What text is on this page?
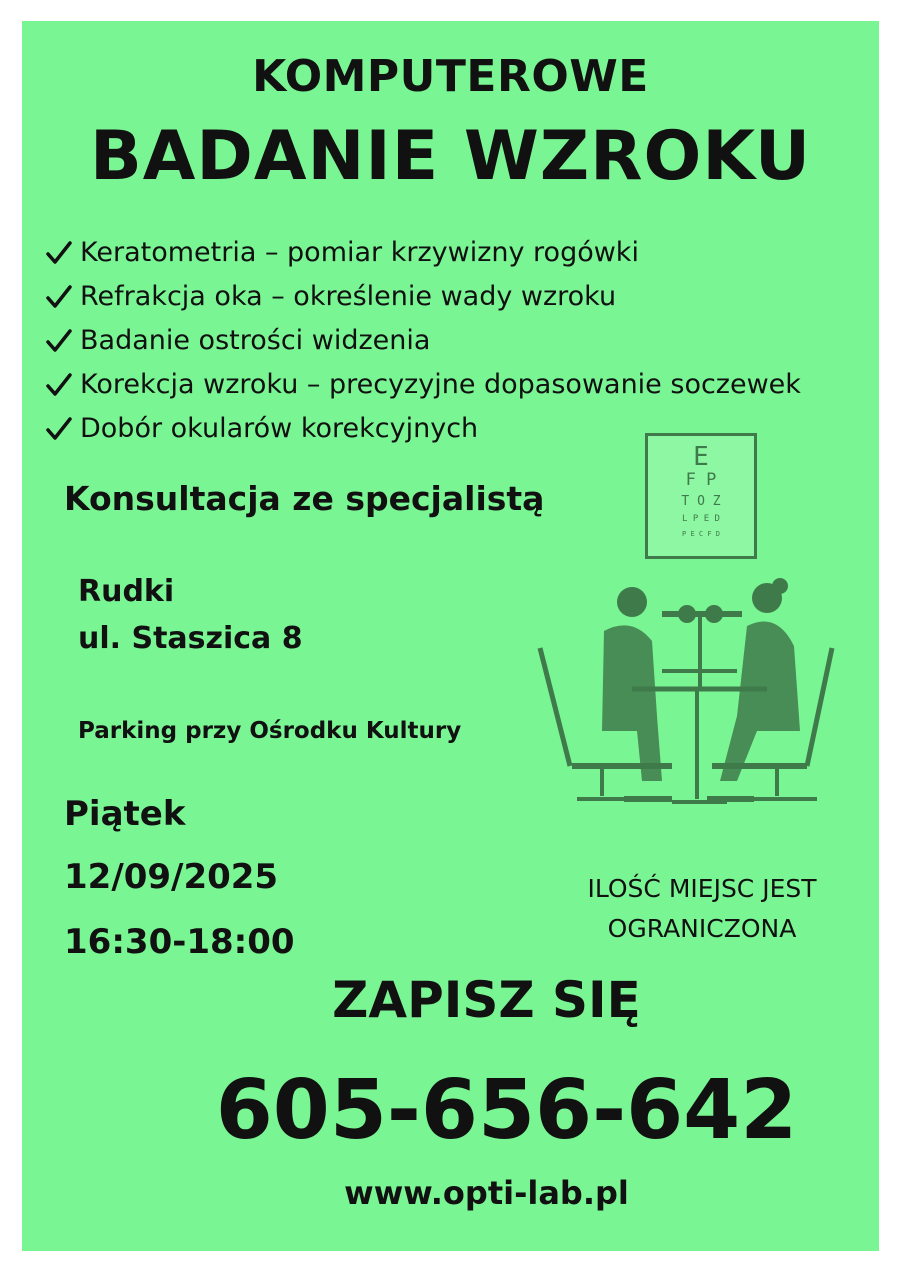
KOMPUTEROWE
BADANIE WZROKU
Keratometria – pomiar krzywizny rogówki
Refrakcja oka – określenie wady wzroku
Badanie ostrości widzenia
Korekcja wzroku – precyzyjne dopasowanie soczewek
Dobór okularów korekcyjnych
Konsultacja ze specjalistą
E
F P
T O Z
L P E D
P E C F D
Rudki
ul. Staszica 8
Parking przy Ośrodku Kultury
Piątek
12/09/2025
16:30-18:00
ILOŚĆ MIEJSC JEST
OGRANICZONA
ZAPISZ SIĘ
605-656-642
www.opti-lab.pl
